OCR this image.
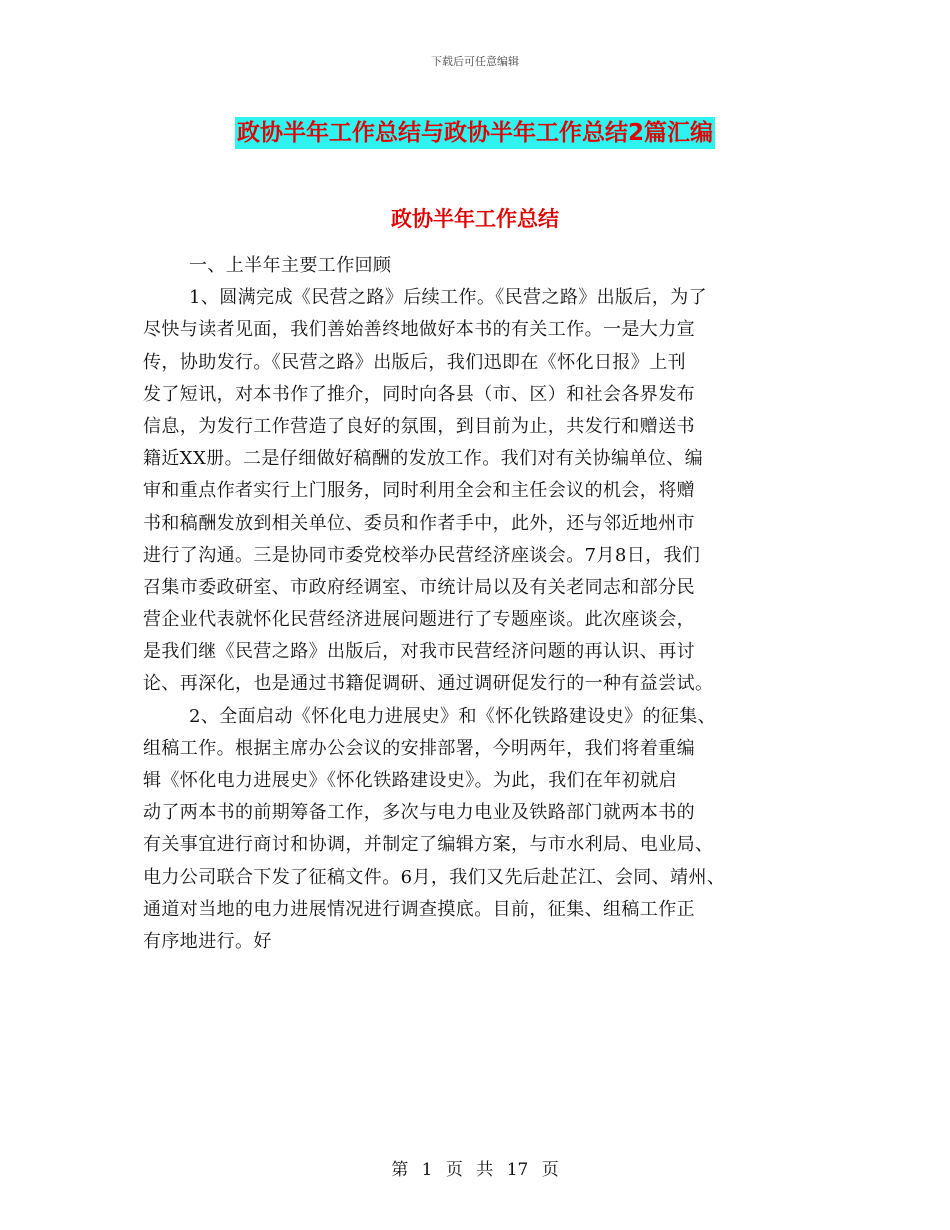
下载后可任意编辑
政协半年工作总结与政协半年工作总结2篇汇编
政协半年工作总结
一、上半年主要工作回顾
1、圆满完成《民营之路》后续工作。《民营之路》出版后，为了
尽快与读者见面，我们善始善终地做好本书的有关工作。一是大力宣
传，协助发行。《民营之路》出版后，我们迅即在《怀化日报》上刊
发了短讯，对本书作了推介，同时向各县（市、区）和社会各界发布
信息，为发行工作营造了良好的氛围，到目前为止，共发行和赠送书
籍近XX册。二是仔细做好稿酬的发放工作。我们对有关协编单位、编
审和重点作者实行上门服务，同时利用全会和主任会议的机会，将赠
书和稿酬发放到相关单位、委员和作者手中，此外，还与邻近地州市
进行了沟通。三是协同市委党校举办民营经济座谈会。7月8日，我们
召集市委政研室、市政府经调室、市统计局以及有关老同志和部分民
营企业代表就怀化民营经济进展问题进行了专题座谈。此次座谈会，
是我们继《民营之路》出版后，对我市民营经济问题的再认识、再讨
论、再深化，也是通过书籍促调研、通过调研促发行的一种有益尝试。
2、全面启动《怀化电力进展史》和《怀化铁路建设史》的征集、
组稿工作。根据主席办公会议的安排部署，今明两年，我们将着重编
辑《怀化电力进展史》《怀化铁路建设史》。为此，我们在年初就启
动了两本书的前期筹备工作，多次与电力电业及铁路部门就两本书的
有关事宜进行商讨和协调，并制定了编辑方案，与市水利局、电业局、
电力公司联合下发了征稿文件。6月，我们又先后赴芷江、会同、靖州、
通道对当地的电力进展情况进行调查摸底。目前，征集、组稿工作正
有序地进行。好
第 1 页 共 17 页
